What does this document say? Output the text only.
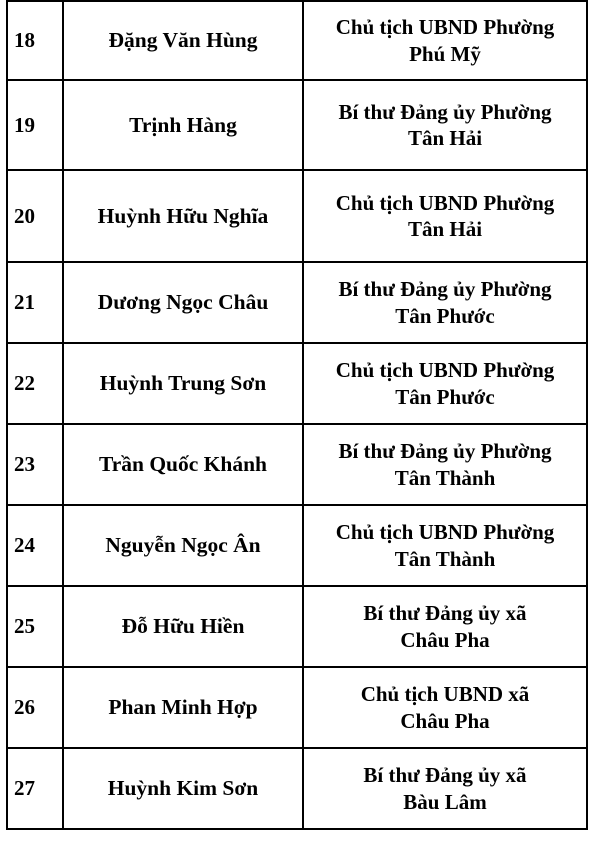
18	Đặng Văn Hùng	Chủ tịch UBND Phường
Phú Mỹ

19	Trịnh Hàng	Bí thư Đảng ủy Phường
Tân Hải

20	Huỳnh Hữu Nghĩa	Chủ tịch UBND Phường
Tân Hải

21	Dương Ngọc Châu	Bí thư Đảng ủy Phường
Tân Phước

22	Huỳnh Trung Sơn	Chủ tịch UBND Phường
Tân Phước

23	Trần Quốc Khánh	Bí thư Đảng ủy Phường
Tân Thành

24	Nguyễn Ngọc Ân	Chủ tịch UBND Phường
Tân Thành

25	Đỗ Hữu Hiền	Bí thư Đảng ủy xã
Châu Pha

26	Phan Minh Hợp	Chủ tịch UBND xã
Châu Pha

27	Huỳnh Kim Sơn	Bí thư Đảng ủy xã
Bàu Lâm
